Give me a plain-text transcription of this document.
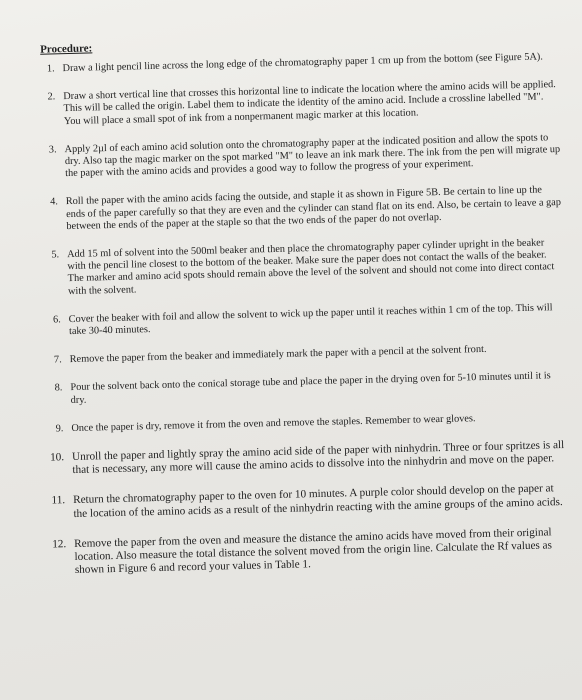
Procedure:
1. Draw a light pencil line across the long edge of the chromatography paper 1 cm up from the bottom (see Figure 5A).
2. Draw a short vertical line that crosses this horizontal line to indicate the location where the amino acids will be applied. This will be called the origin. Label them to indicate the identity of the amino acid. Include a crossline labelled "M". You will place a small spot of ink from a nonpermanent magic marker at this location.
3. Apply 2µl of each amino acid solution onto the chromatography paper at the indicated position and allow the spots to dry. Also tap the magic marker on the spot marked "M" to leave an ink mark there. The ink from the pen will migrate up the paper with the amino acids and provides a good way to follow the progress of your experiment.
4. Roll the paper with the amino acids facing the outside, and staple it as shown in Figure 5B. Be certain to line up the ends of the paper carefully so that they are even and the cylinder can stand flat on its end. Also, be certain to leave a gap between the ends of the paper at the staple so that the two ends of the paper do not overlap.
5. Add 15 ml of solvent into the 500ml beaker and then place the chromatography paper cylinder upright in the beaker with the pencil line closest to the bottom of the beaker. Make sure the paper does not contact the walls of the beaker. The marker and amino acid spots should remain above the level of the solvent and should not come into direct contact with the solvent.
6. Cover the beaker with foil and allow the solvent to wick up the paper until it reaches within 1 cm of the top. This will take 30-40 minutes.
7. Remove the paper from the beaker and immediately mark the paper with a pencil at the solvent front.
8. Pour the solvent back onto the conical storage tube and place the paper in the drying oven for 5-10 minutes until it is dry.
9. Once the paper is dry, remove it from the oven and remove the staples. Remember to wear gloves.
10. Unroll the paper and lightly spray the amino acid side of the paper with ninhydrin. Three or four spritzes is all that is necessary, any more will cause the amino acids to dissolve into the ninhydrin and move on the paper.
11. Return the chromatography paper to the oven for 10 minutes. A purple color should develop on the paper at the location of the amino acids as a result of the ninhydrin reacting with the amine groups of the amino acids.
12. Remove the paper from the oven and measure the distance the amino acids have moved from their original location. Also measure the total distance the solvent moved from the origin line. Calculate the Rf values as shown in Figure 6 and record your values in Table 1.
